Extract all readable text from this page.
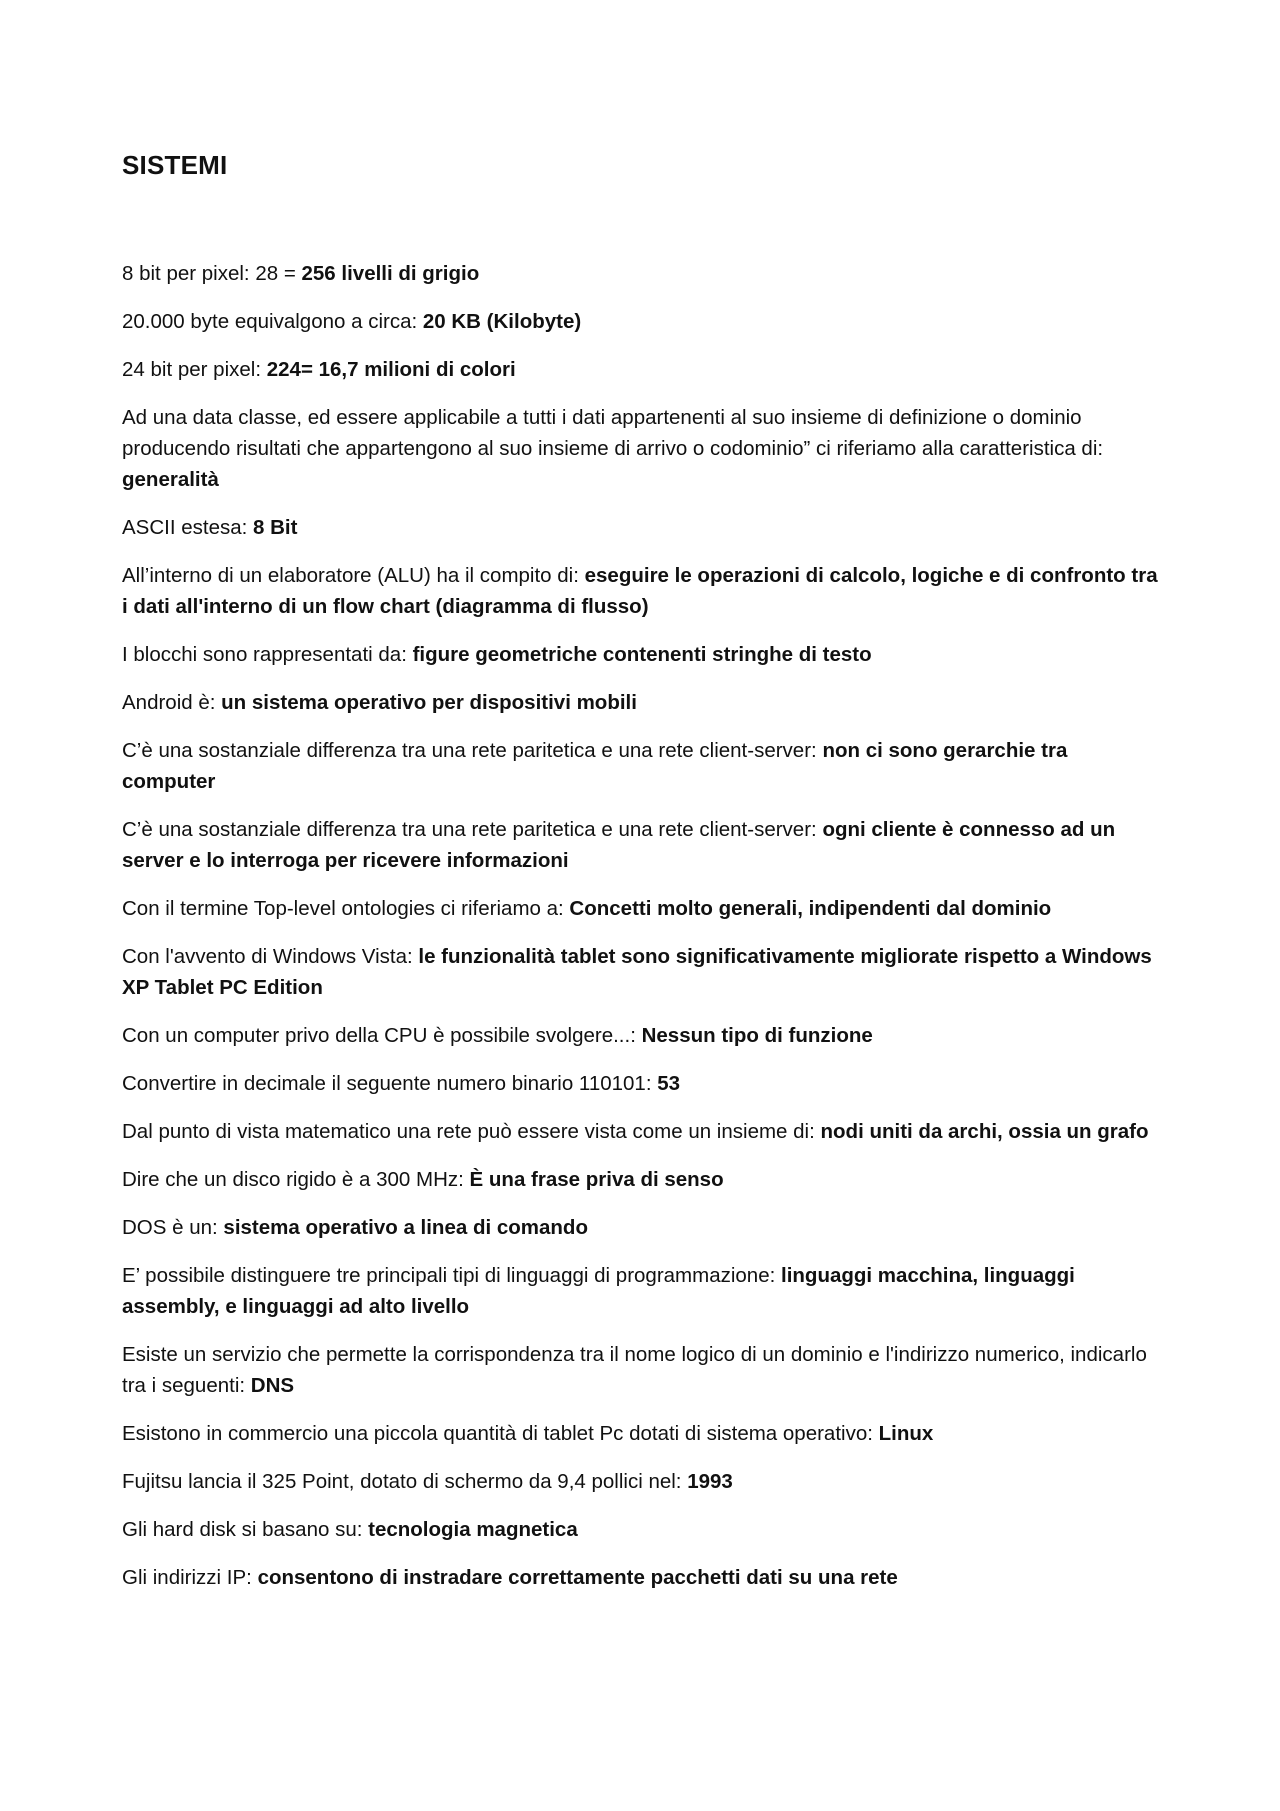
SISTEMI

8 bit per pixel: 28 = 256 livelli di grigio

20.000 byte equivalgono a circa: 20 KB (Kilobyte)

24 bit per pixel: 224= 16,7 milioni di colori

Ad una data classe, ed essere applicabile a tutti i dati appartenenti al suo insieme di definizione o dominio producendo risultati che appartengono al suo insieme di arrivo o codominio” ci riferiamo alla caratteristica di: generalità

ASCII estesa: 8 Bit

All’interno di un elaboratore (ALU) ha il compito di: eseguire le operazioni di calcolo, logiche e di confronto tra i dati all'interno di un flow chart (diagramma di flusso)

I blocchi sono rappresentati da: figure geometriche contenenti stringhe di testo

Android è: un sistema operativo per dispositivi mobili

C’è una sostanziale differenza tra una rete paritetica e una rete client-server: non ci sono gerarchie tra computer

C’è una sostanziale differenza tra una rete paritetica e una rete client-server: ogni cliente è connesso ad un server e lo interroga per ricevere informazioni

Con il termine Top-level ontologies ci riferiamo a: Concetti molto generali, indipendenti dal dominio

Con l'avvento di Windows Vista: le funzionalità tablet sono significativamente migliorate rispetto a Windows XP Tablet PC Edition

Con un computer privo della CPU è possibile svolgere...: Nessun tipo di funzione

Convertire in decimale il seguente numero binario 110101: 53

Dal punto di vista matematico una rete può essere vista come un insieme di: nodi uniti da archi, ossia un grafo

Dire che un disco rigido è a 300 MHz: È una frase priva di senso

DOS è un: sistema operativo a linea di comando

E’ possibile distinguere tre principali tipi di linguaggi di programmazione: linguaggi macchina, linguaggi assembly, e linguaggi ad alto livello

Esiste un servizio che permette la corrispondenza tra il nome logico di un dominio e l'indirizzo numerico, indicarlo tra i seguenti: DNS

Esistono in commercio una piccola quantità di tablet Pc dotati di sistema operativo: Linux

Fujitsu lancia il 325 Point, dotato di schermo da 9,4 pollici nel: 1993

Gli hard disk si basano su: tecnologia magnetica

Gli indirizzi IP: consentono di instradare correttamente pacchetti dati su una rete
